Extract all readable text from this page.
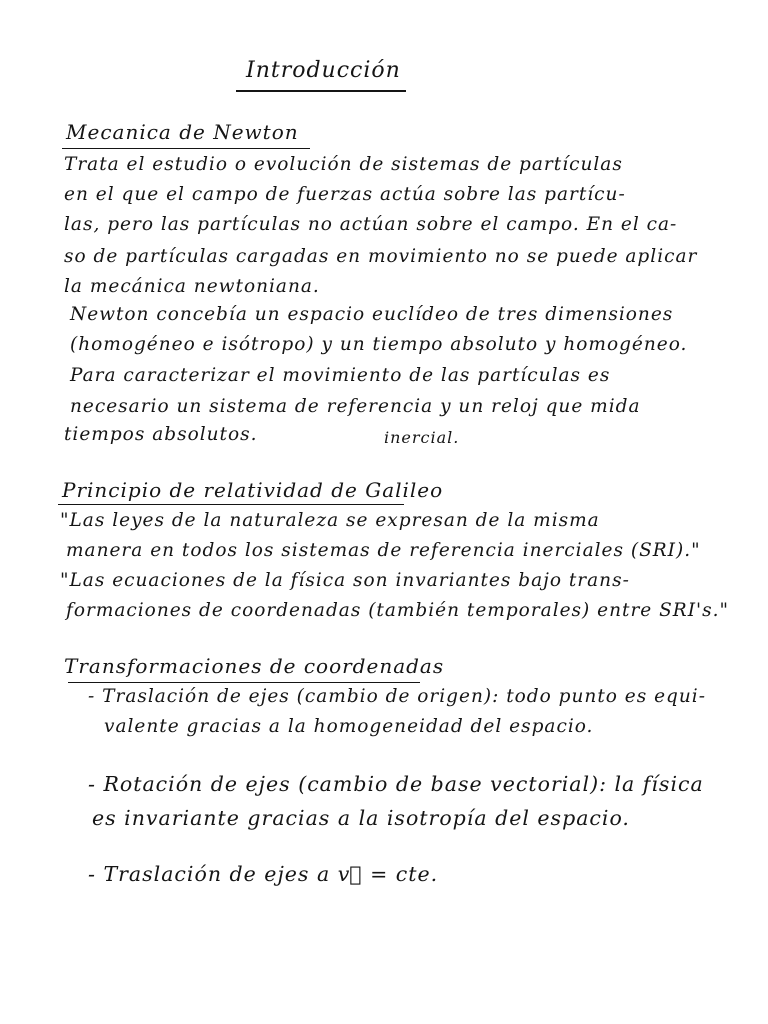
Introducción
Mecanica de Newton
Trata el estudio o evolución de sistemas de partículas
en el que el campo de fuerzas actúa sobre las partícu-
las, pero las partículas no actúan sobre el campo. En el ca-
so de partículas cargadas en movimiento no se puede aplicar
la mecánica newtoniana.
Newton concebía un espacio euclídeo de tres dimensiones
(homogéneo e isótropo) y un tiempo absoluto y homogéneo.
Para caracterizar el movimiento de las partículas es
necesario un sistema de referencia y un reloj que mida
tiempos absolutos.	inercial.
Principio de relatividad de Galileo
"Las leyes de la naturaleza se expresan de la misma
manera en todos los sistemas de referencia inerciales (SRI)."
"Las ecuaciones de la física son invariantes bajo trans-
formaciones de coordenadas (también temporales) entre SRI's."
Transformaciones de coordenadas
- Traslación de ejes (cambio de origen): todo punto es equi-
valente gracias a la homogeneidad del espacio.
- Rotación de ejes (cambio de base vectorial): la física
es invariante gracias a la isotropía del espacio.
- Traslación de ejes a v⃗ = cte.
